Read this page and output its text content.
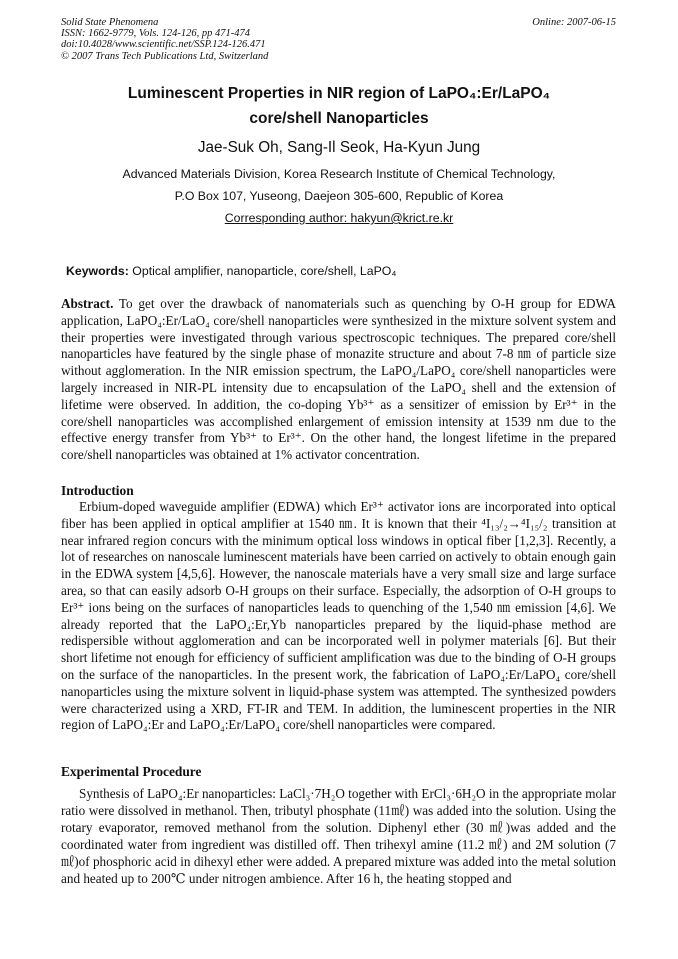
Solid State Phenomena
ISSN: 1662-9779, Vols. 124-126, pp 471-474
doi:10.4028/www.scientific.net/SSP.124-126.471
© 2007 Trans Tech Publications Ltd, Switzerland
Online: 2007-06-15
Luminescent Properties in NIR region of LaPO₄:Er/LaPO₄
core/shell Nanoparticles
Jae-Suk Oh, Sang-Il Seok, Ha-Kyun Jung
Advanced Materials Division, Korea Research Institute of Chemical Technology,
P.O Box 107, Yuseong, Daejeon 305-600, Republic of Korea
Corresponding author: hakyun@krict.re.kr
Keywords: Optical amplifier, nanoparticle, core/shell, LaPO₄
Abstract. To get over the drawback of nanomaterials such as quenching by O-H group for EDWA application, LaPO₄:Er/LaO₄ core/shell nanoparticles were synthesized in the mixture solvent system and their properties were investigated through various spectroscopic techniques. The prepared core/shell nanoparticles have featured by the single phase of monazite structure and about 7-8 ㎚ of particle size without agglomeration. In the NIR emission spectrum, the LaPO₄/LaPO₄ core/shell nanoparticles were largely increased in NIR-PL intensity due to encapsulation of the LaPO₄ shell and the extension of lifetime were observed. In addition, the co-doping Yb³⁺ as a sensitizer of emission by Er³⁺ in the core/shell nanoparticles was accomplished enlargement of emission intensity at 1539 nm due to the effective energy transfer from Yb³⁺ to Er³⁺. On the other hand, the longest lifetime in the prepared core/shell nanoparticles was obtained at 1% activator concentration.
Introduction
Erbium-doped waveguide amplifier (EDWA) which Er³⁺ activator ions are incorporated into optical fiber has been applied in optical amplifier at 1540 ㎚. It is known that their ⁴I₁₃/₂→⁴I₁₅/₂ transition at near infrared region concurs with the minimum optical loss windows in optical fiber [1,2,3]. Recently, a lot of researches on nanoscale luminescent materials have been carried on actively to obtain enough gain in the EDWA system [4,5,6]. However, the nanoscale materials have a very small size and large surface area, so that can easily adsorb O-H groups on their surface. Especially, the adsorption of O-H groups to Er³⁺ ions being on the surfaces of nanoparticles leads to quenching of the 1,540 ㎚ emission [4,6]. We already reported that the LaPO₄:Er,Yb nanoparticles prepared by the liquid-phase method are redispersible without agglomeration and can be incorporated well in polymer materials [6]. But their short lifetime not enough for efficiency of sufficient amplification was due to the binding of O-H groups on the surface of the nanoparticles. In the present work, the fabrication of LaPO₄:Er/LaPO₄ core/shell nanoparticles using the mixture solvent in liquid-phase system was attempted. The synthesized powders were characterized using a XRD, FT-IR and TEM. In addition, the luminescent properties in the NIR region of LaPO₄:Er and LaPO₄:Er/LaPO₄ core/shell nanoparticles were compared.
Experimental Procedure
Synthesis of LaPO₄:Er nanoparticles: LaCl₃·7H₂O together with ErCl₃·6H₂O in the appropriate molar ratio were dissolved in methanol. Then, tributyl phosphate (11㎖) was added into the solution. Using the rotary evaporator, removed methanol from the solution. Diphenyl ether (30 ㎖)was added and the coordinated water from ingredient was distilled off. Then trihexyl amine (11.2 ㎖) and 2M solution (7 ㎖)of phosphoric acid in dihexyl ether were added. A prepared mixture was added into the metal solution and heated up to 200℃ under nitrogen ambience. After 16 h, the heating stopped and
